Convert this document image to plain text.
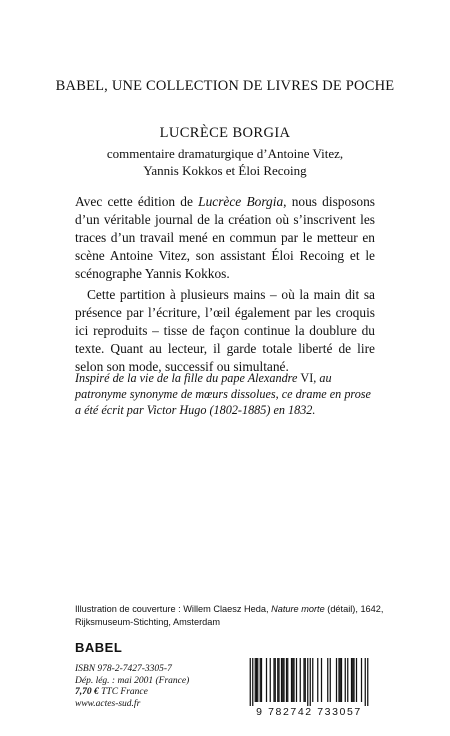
BABEL, UNE COLLECTION DE LIVRES DE POCHE
LUCRÈCE BORGIA
commentaire dramaturgique d’Antoine Vitez,
Yannis Kokkos et Éloi Recoing

Avec cette édition de Lucrèce Borgia, nous disposons d’un véritable journal de la création où s’inscrivent les traces d’un travail mené en commun par le metteur en scène Antoine Vitez, son assistant Éloi Recoing et le scénographe Yannis Kokkos.

Cette partition à plusieurs mains – où la main dit sa présence par l’écriture, l’œil également par les croquis ici reproduits – tisse de façon continue la doublure du texte. Quant au lecteur, il garde totale liberté de lire selon son mode, successif ou simultané.

Inspiré de la vie de la fille du pape Alexandre VI, au patronyme synonyme de mœurs dissolues, ce drame en prose a été écrit par Victor Hugo (1802-1885) en 1832.
Illustration de couverture : Willem Claesz Heda, Nature morte (détail), 1642,
Rijksmuseum-Stichting, Amsterdam
BABEL
ISBN 978-2-7427-3305-7
Dép. lég. : mai 2001 (France)
7,70 € TTC France
www.actes-sud.fr
9 782742 733057
